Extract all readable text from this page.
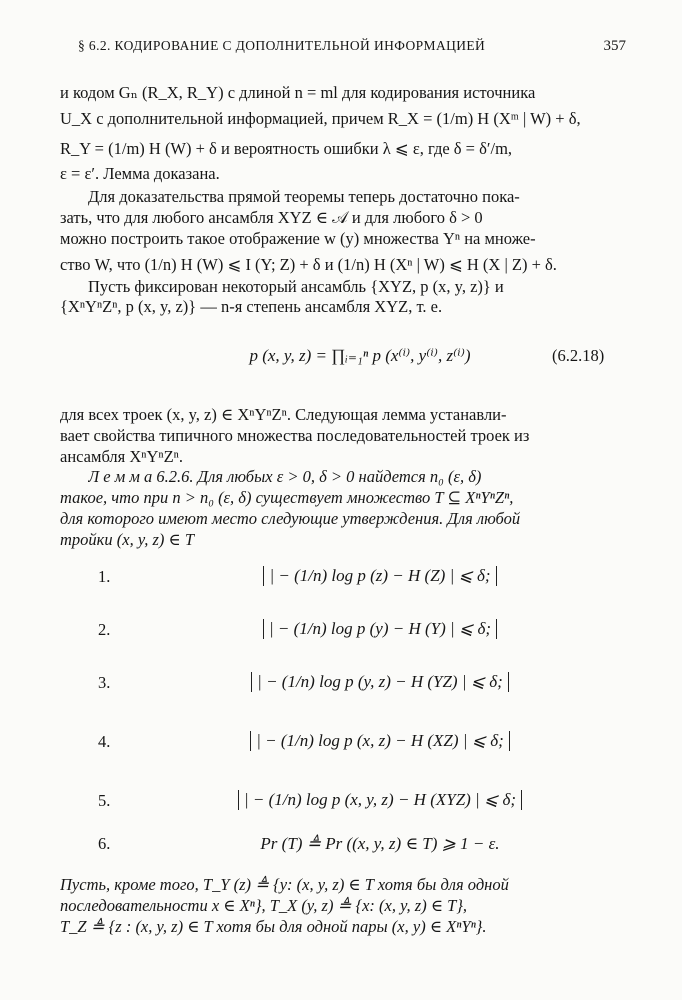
§ 6.2. КОДИРОВАНИЕ С ДОПОЛНИТЕЛЬНОЙ ИНФОРМАЦИЕЙ	357
и кодом Gₙ (R_X, R_Y) с длиной n = ml для кодирования источника
U_X с дополнительной информацией, причем R_X = (1/m) H (Xᵐ | W) + δ,
R_Y = (1/m) H (W) + δ и вероятность ошибки λ ⩽ ε, где δ = δ′/m,
ε = ε′. Лемма доказана.
Для доказательства прямой теоремы теперь достаточно пока-
зать, что для любого ансамбля XYZ ∈ 𝒜 и для любого δ > 0
можно построить такое отображение w (y) множества Yⁿ на множе-
ство W, что (1/n) H (W) ⩽ I (Y; Z) + δ и (1/n) H (Xⁿ | W) ⩽ H (X | Z) + δ.
Пусть фиксирован некоторый ансамбль {XYZ, p (x, y, z)} и
{XⁿYⁿZⁿ, p (x, y, z)} — n-я степень ансамбля XYZ, т. е.
p (x, y, z) = ∏ᵢ₌₁ⁿ p (x⁽ⁱ⁾, y⁽ⁱ⁾, z⁽ⁱ⁾)	(6.2.18)
для всех троек (x, y, z) ∈ XⁿYⁿZⁿ. Следующая лемма устанавли-
вает свойства типичного множества последовательностей троек из
ансамбля XⁿYⁿZⁿ.
Л е м м а 6.2.6. Для любых ε > 0, δ > 0 найдется n₀ (ε, δ)
такое, что при n > n₀ (ε, δ) существует множество T ⊆ XⁿYⁿZⁿ,
для которого имеют место следующие утверждения. Для любой
тройки (x, y, z) ∈ T
1.	| − (1/n) log p (z) − H (Z) | ⩽ δ;
2.	| − (1/n) log p (y) − H (Y) | ⩽ δ;
3.	| − (1/n) log p (y, z) − H (YZ) | ⩽ δ;
4.	| − (1/n) log p (x, z) − H (XZ) | ⩽ δ;
5.	| − (1/n) log p (x, y, z) − H (XYZ) | ⩽ δ;
6.	Pr (T) ≜ Pr ((x, y, z) ∈ T) ⩾ 1 − ε.
Пусть, кроме того, T_Y (z) ≜ {y: (x, y, z) ∈ T хотя бы для одной
последовательности x ∈ Xⁿ}, T_X (y, z) ≜ {x: (x, y, z) ∈ T},
T_Z ≜ {z : (x, y, z) ∈ T хотя бы для одной пары (x, y) ∈ XⁿYⁿ}.
